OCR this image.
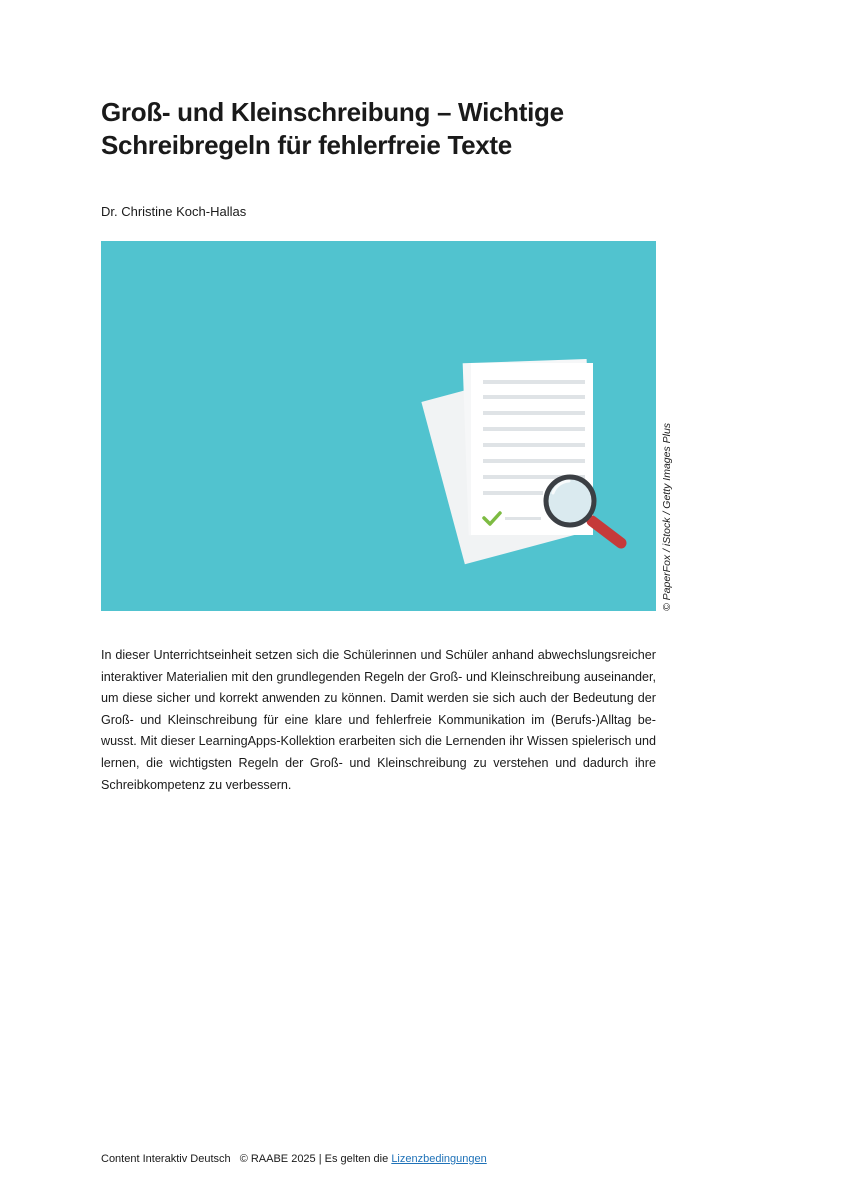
Groß- und Kleinschreibung – Wichtige
Schreibregeln für fehlerfreie Texte
Dr. Christine Koch-Hallas
© PaperFox / iStock / Getty Images Plus

In dieser Unterrichtseinheit setzen sich die Schülerinnen und Schüler anhand abwechslungsreicher interaktiver Materialien mit den grundlegenden Regeln der Groß- und Kleinschreibung auseinander, um diese sicher und korrekt anwenden zu können. Damit werden sie sich auch der Bedeutung der Groß- und Kleinschreibung für eine klare und fehlerfreie Kommunikation im (Berufs-)Alltag bewusst. Mit dieser LearningApps-Kollektion erarbeiten sich die Lernenden ihr Wissen spielerisch und lernen, die wichtigsten Regeln der Groß- und Kleinschreibung zu verstehen und dadurch ihre Schreibkompetenz zu verbessern.

Content Interaktiv Deutsch © RAABE 2025 | Es gelten die Lizenzbedingungen
